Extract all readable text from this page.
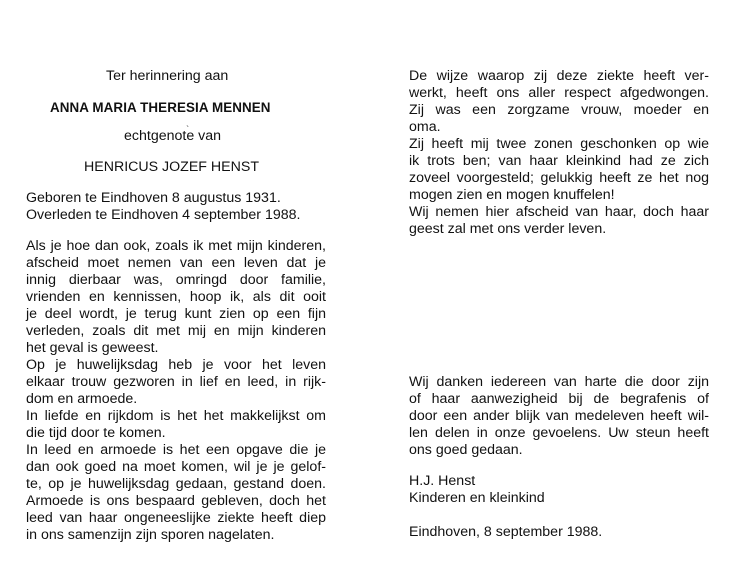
Ter herinnering aan
ANNA MARIA THERESIA MENNEN
ˎ
echtgenote van
HENRICUS JOZEF HENST
Geboren te Eindhoven 8 augustus 1931.
Overleden te Eindhoven 4 september 1988.
Als je hoe dan ook, zoals ik met mijn kinderen,
afscheid moet nemen van een leven dat je
innig dierbaar was, omringd door familie,
vrienden en kennissen, hoop ik, als dit ooit
je deel wordt, je terug kunt zien op een fijn
verleden, zoals dit met mij en mijn kinderen
het geval is geweest.
Op je huwelijksdag heb je voor het leven
elkaar trouw gezworen in lief en leed, in rijk-
dom en armoede.
In liefde en rijkdom is het het makkelijkst om
die tijd door te komen.
In leed en armoede is het een opgave die je
dan ook goed na moet komen, wil je je gelof-
te, op je huwelijksdag gedaan, gestand doen.
Armoede is ons bespaard gebleven, doch het
leed van haar ongeneeslijke ziekte heeft diep
in ons samenzijn zijn sporen nagelaten.
De wijze waarop zij deze ziekte heeft ver-
werkt, heeft ons aller respect afgedwongen.
Zij was een zorgzame vrouw, moeder en
oma.
Zij heeft mij twee zonen geschonken op wie
ik trots ben; van haar kleinkind had ze zich
zoveel voorgesteld; gelukkig heeft ze het nog
mogen zien en mogen knuffelen!
Wij nemen hier afscheid van haar, doch haar
geest zal met ons verder leven.
Wij danken iedereen van harte die door zijn
of haar aanwezigheid bij de begrafenis of
door een ander blijk van medeleven heeft wil-
len delen in onze gevoelens. Uw steun heeft
ons goed gedaan.
H.J. Henst
Kinderen en kleinkind
Eindhoven, 8 september 1988.
